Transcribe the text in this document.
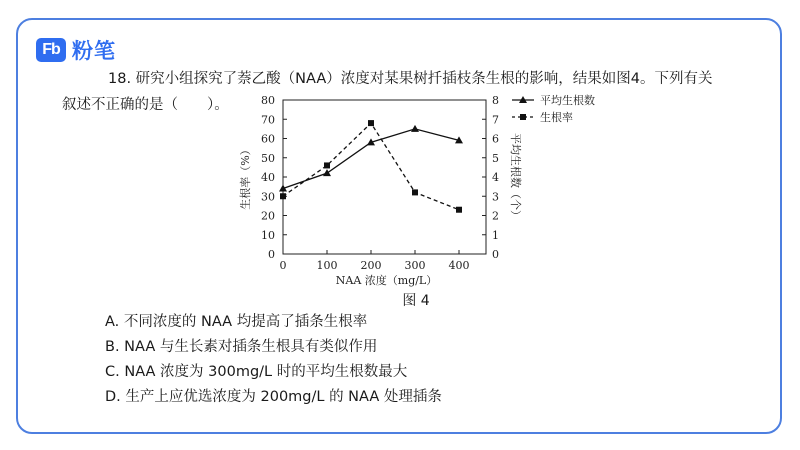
Fb 粉笔
18. 研究小组探究了萘乙酸（NAA）浓度对某果树扦插枝条生根的影响，结果如图4。下列有关
叙述不正确的是（　　）。
0
10
20
30
40
50
60
70
80
0
1
2
3
4
5
6
7
8
0	100 200 300 400
NAA 浓度（mg/L）
生根率（%）	平均生根数（个）
平均生根数
生根率
图 4
A. 不同浓度的 NAA 均提高了插条生根率
B. NAA 与生长素对插条生根具有类似作用
C. NAA 浓度为 300mg/L 时的平均生根数最大
D. 生产上应优选浓度为 200mg/L 的 NAA 处理插条
